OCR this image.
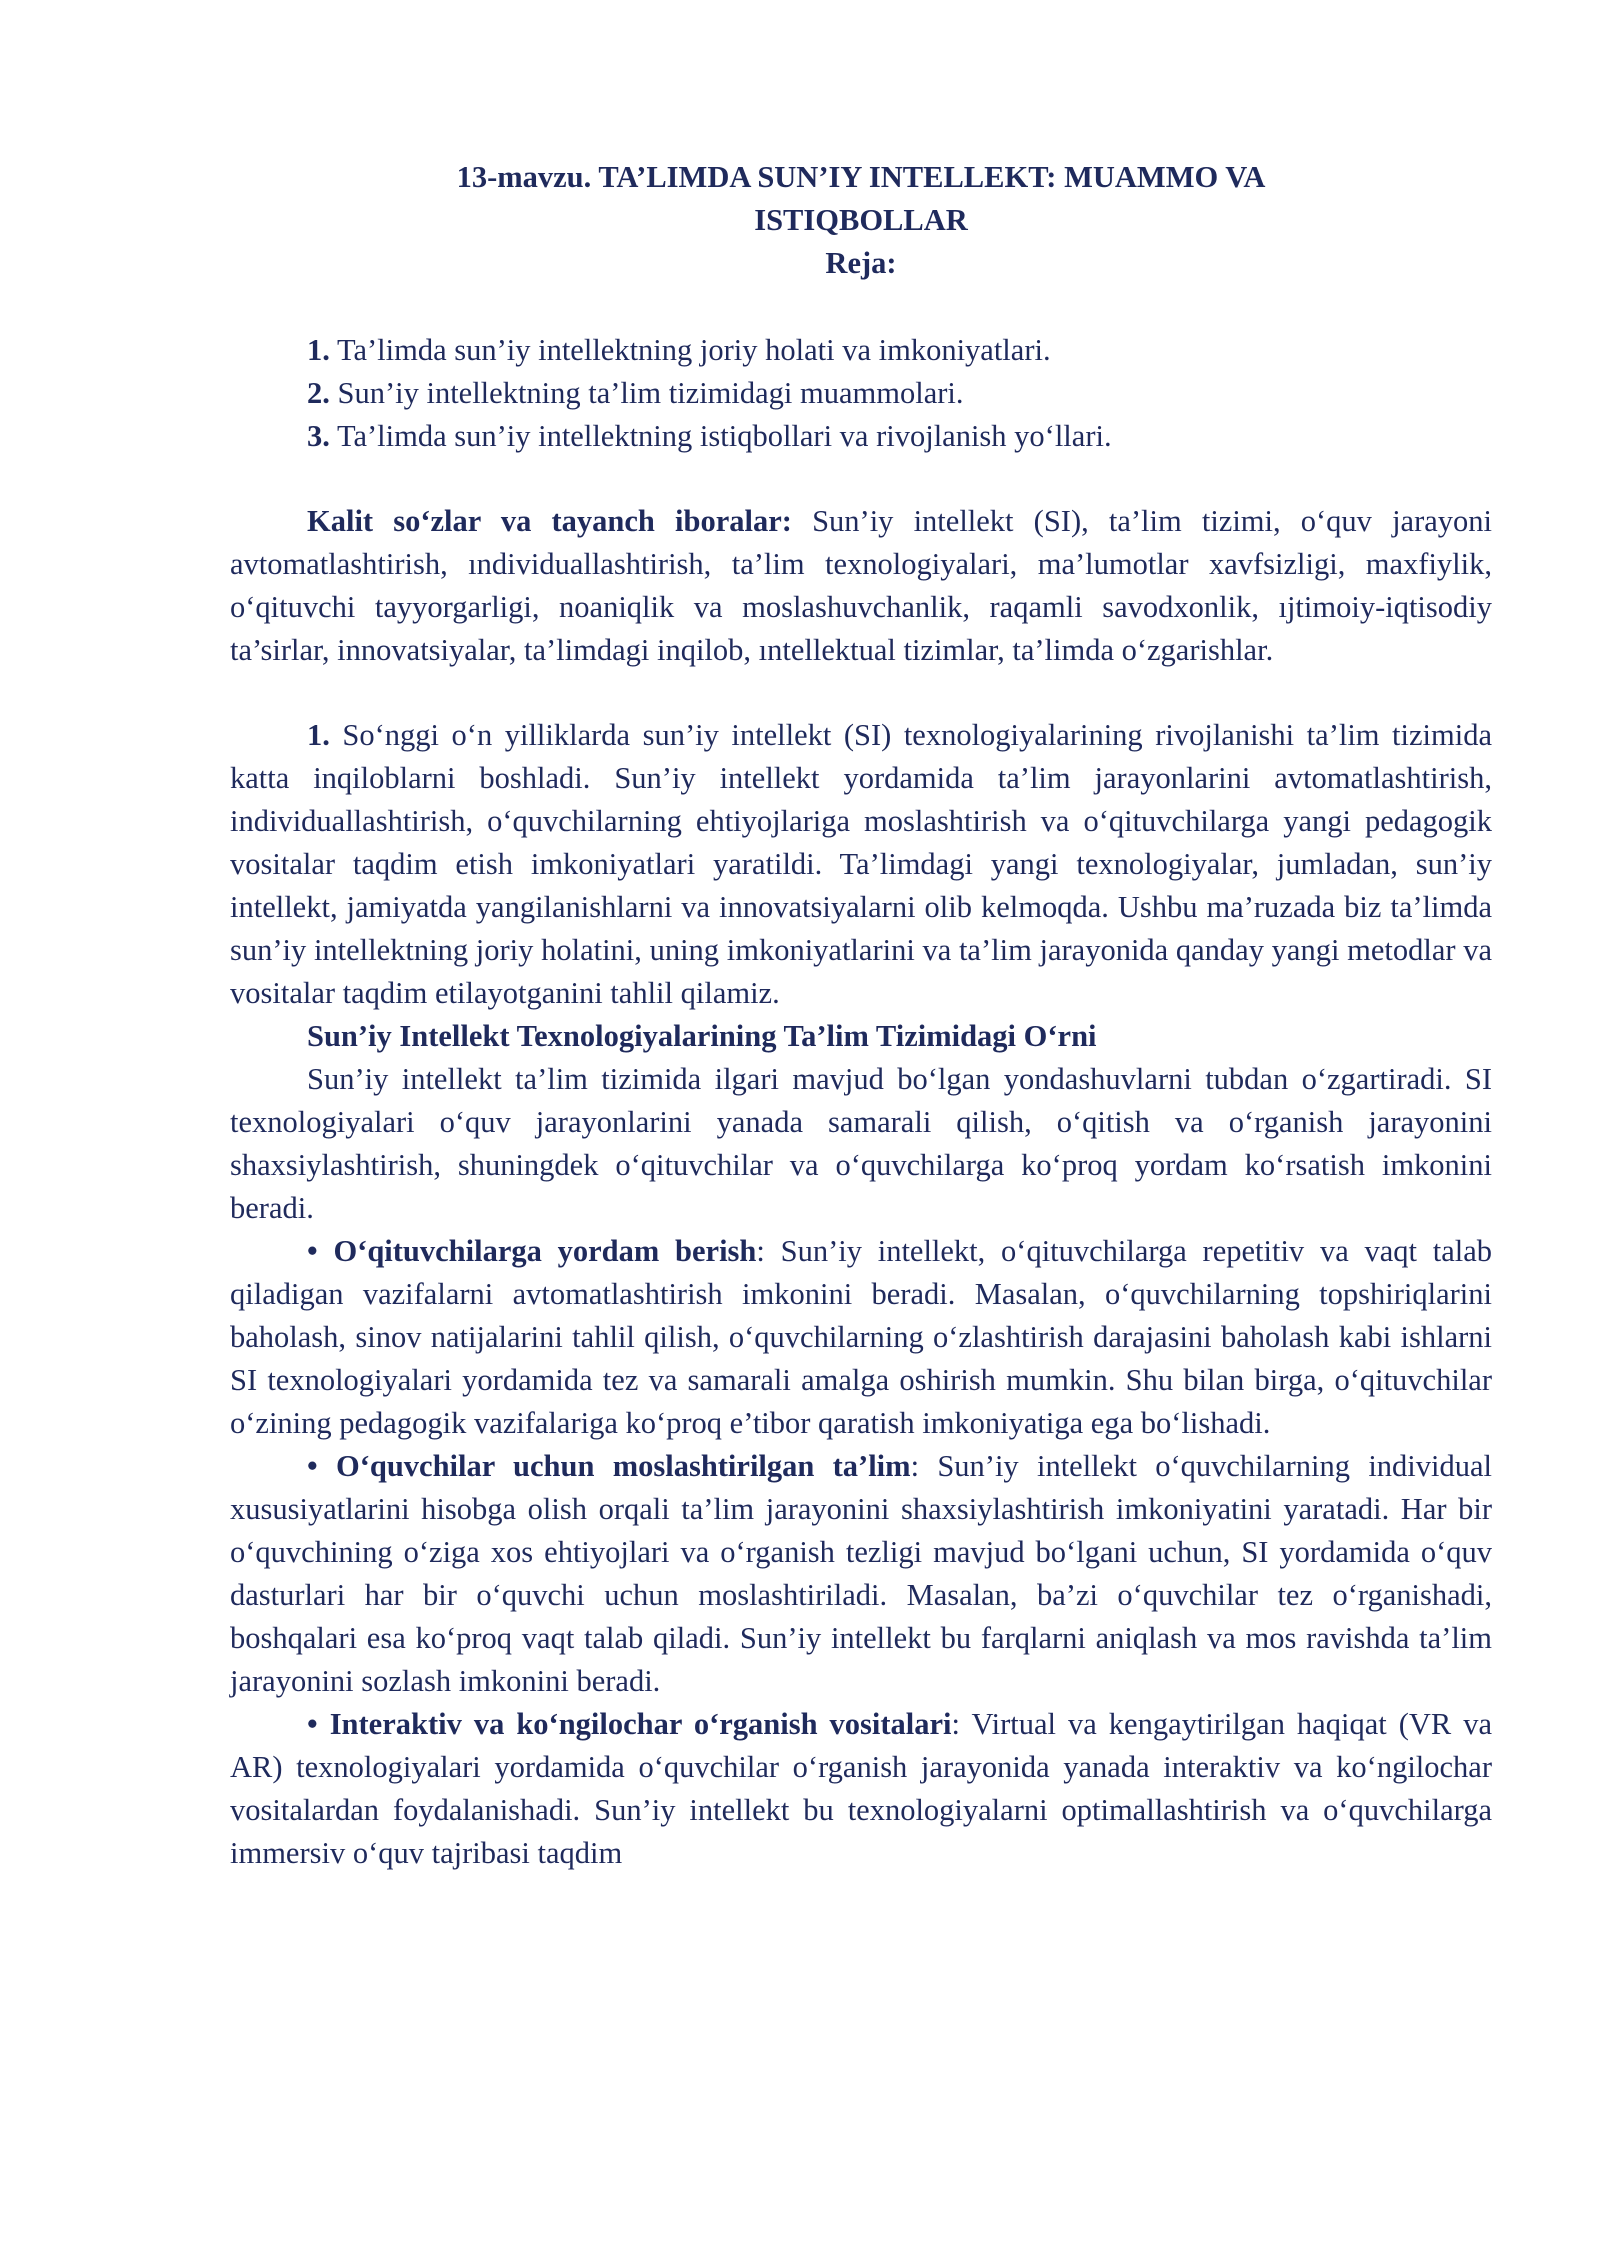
13-mavzu. TA’LIMDA SUN’IY INTELLEKT: MUAMMO VA
ISTIQBOLLAR
Reja:
1. Ta’limda sun’iy intellektning joriy holati va imkoniyatlari.
2. Sun’iy intellektning ta’lim tizimidagi muammolari.
3. Ta’limda sun’iy intellektning istiqbollari va rivojlanish yo‘llari.

Kalit so‘zlar va tayanch iboralar: Sun’iy intellekt (SI), ta’lim tizimi, o‘quv jarayoni avtomatlashtirish, ındividuallashtirish, ta’lim texnologiyalari, ma’lumotlar xavfsizligi, maxfiylik, o‘qituvchi tayyorgarligi, noaniqlik va moslashuvchanlik, raqamli savodxonlik, ıjtimoiy-iqtisodiy ta’sirlar, innovatsiyalar, ta’limdagi inqilob, ıntellektual tizimlar, ta’limda o‘zgarishlar.

1. So‘nggi o‘n yilliklarda sun’iy intellekt (SI) texnologiyalarining rivojlanishi ta’lim tizimida katta inqiloblarni boshladi. Sun’iy intellekt yordamida ta’lim jarayonlarini avtomatlashtirish, individuallashtirish, o‘quvchilarning ehtiyojlariga moslashtirish va o‘qituvchilarga yangi pedagogik vositalar taqdim etish imkoniyatlari yaratildi. Ta’limdagi yangi texnologiyalar, jumladan, sun’iy intellekt, jamiyatda yangilanishlarni va innovatsiyalarni olib kelmoqda. Ushbu ma’ruzada biz ta’limda sun’iy intellektning joriy holatini, uning imkoniyatlarini va ta’lim jarayonida qanday yangi metodlar va vositalar taqdim etilayotganini tahlil qilamiz.

Sun’iy Intellekt Texnologiyalarining Ta’lim Tizimidagi O‘rni

Sun’iy intellekt ta’lim tizimida ilgari mavjud bo‘lgan yondashuvlarni tubdan o‘zgartiradi. SI texnologiyalari o‘quv jarayonlarini yanada samarali qilish, o‘qitish va o‘rganish jarayonini shaxsiylashtirish, shuningdek o‘qituvchilar va o‘quvchilarga ko‘proq yordam ko‘rsatish imkonini beradi.

• O‘qituvchilarga yordam berish: Sun’iy intellekt, o‘qituvchilarga repetitiv va vaqt talab qiladigan vazifalarni avtomatlashtirish imkonini beradi. Masalan, o‘quvchilarning topshiriqlarini baholash, sinov natijalarini tahlil qilish, o‘quvchilarning o‘zlashtirish darajasini baholash kabi ishlarni SI texnologiyalari yordamida tez va samarali amalga oshirish mumkin. Shu bilan birga, o‘qituvchilar o‘zining pedagogik vazifalariga ko‘proq e’tibor qaratish imkoniyatiga ega bo‘lishadi.

• O‘quvchilar uchun moslashtirilgan ta’lim: Sun’iy intellekt o‘quvchilarning individual xususiyatlarini hisobga olish orqali ta’lim jarayonini shaxsiylashtirish imkoniyatini yaratadi. Har bir o‘quvchining o‘ziga xos ehtiyojlari va o‘rganish tezligi mavjud bo‘lgani uchun, SI yordamida o‘quv dasturlari har bir o‘quvchi uchun moslashtiriladi. Masalan, ba’zi o‘quvchilar tez o‘rganishadi, boshqalari esa ko‘proq vaqt talab qiladi. Sun’iy intellekt bu farqlarni aniqlash va mos ravishda ta’lim jarayonini sozlash imkonini beradi.

• Interaktiv va ko‘ngilochar o‘rganish vositalari: Virtual va kengaytirilgan haqiqat (VR va AR) texnologiyalari yordamida o‘quvchilar o‘rganish jarayonida yanada interaktiv va ko‘ngilochar vositalardan foydalanishadi. Sun’iy intellekt bu texnologiyalarni optimallashtirish va o‘quvchilarga immersiv o‘quv tajribasi taqdim
